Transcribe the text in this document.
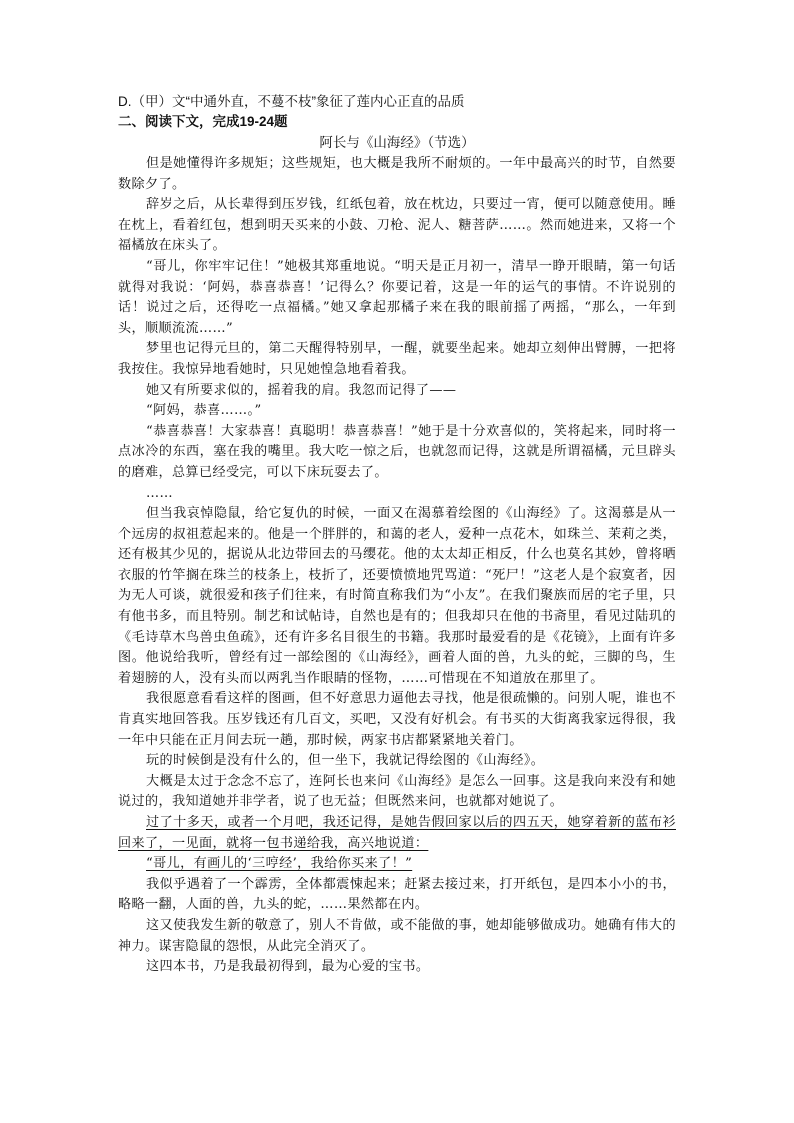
D.（甲）文“中通外直，不蔓不枝”象征了莲内心正直的品质

二、阅读下文，完成19-24题

阿长与《山海经》（节选）

但是她懂得许多规矩；这些规矩，也大概是我所不耐烦的。一年中最高兴的时节，自然要数除夕了。

辞岁之后，从长辈得到压岁钱，红纸包着，放在枕边，只要过一宵，便可以随意使用。睡在枕上，看着红包，想到明天买来的小鼓、刀枪、泥人、糖菩萨……。然而她进来，又将一个福橘放在床头了。

“哥儿，你牢牢记住！”她极其郑重地说。“明天是正月初一，清早一睁开眼睛，第一句话就得对我说：‘阿妈，恭喜恭喜！’记得么？你要记着，这是一年的运气的事情。不许说别的话！说过之后，还得吃一点福橘。”她又拿起那橘子来在我的眼前摇了两摇，“那么，一年到头，顺顺流流……”

梦里也记得元旦的，第二天醒得特别早，一醒，就要坐起来。她却立刻伸出臂膊，一把将我按住。我惊异地看她时，只见她惶急地看着我。

她又有所要求似的，摇着我的肩。我忽而记得了——

“阿妈，恭喜……。”

“恭喜恭喜！大家恭喜！真聪明！恭喜恭喜！”她于是十分欢喜似的，笑将起来，同时将一点冰冷的东西，塞在我的嘴里。我大吃一惊之后，也就忽而记得，这就是所谓福橘，元旦辟头的磨难，总算已经受完，可以下床玩耍去了。

……

但当我哀悼隐鼠，给它复仇的时候，一面又在渴慕着绘图的《山海经》了。这渴慕是从一个远房的叔祖惹起来的。他是一个胖胖的，和蔼的老人，爱种一点花木，如珠兰、茉莉之类，还有极其少见的，据说从北边带回去的马缨花。他的太太却正相反，什么也莫名其妙，曾将晒衣服的竹竿搁在珠兰的枝条上，枝折了，还要愤愤地咒骂道：“死尸！”这老人是个寂寞者，因为无人可谈，就很爱和孩子们往来，有时简直称我们为“小友”。在我们聚族而居的宅子里，只有他书多，而且特别。制艺和试帖诗，自然也是有的；但我却只在他的书斋里，看见过陆玑的《毛诗草木鸟兽虫鱼疏》，还有许多名目很生的书籍。我那时最爱看的是《花镜》，上面有许多图。他说给我听，曾经有过一部绘图的《山海经》，画着人面的兽，九头的蛇，三脚的鸟，生着翅膀的人，没有头而以两乳当作眼睛的怪物，……可惜现在不知道放在那里了。

我很愿意看看这样的图画，但不好意思力逼他去寻找，他是很疏懒的。问别人呢，谁也不肯真实地回答我。压岁钱还有几百文，买吧，又没有好机会。有书买的大街离我家远得很，我一年中只能在正月间去玩一趟，那时候，两家书店都紧紧地关着门。

玩的时候倒是没有什么的，但一坐下，我就记得绘图的《山海经》。

大概是太过于念念不忘了，连阿长也来问《山海经》是怎么一回事。这是我向来没有和她说过的，我知道她并非学者，说了也无益；但既然来问，也就都对她说了。

过了十多天，或者一个月吧，我还记得，是她告假回家以后的四五天，她穿着新的蓝布衫回来了，一见面，就将一包书递给我，高兴地说道：

“哥儿，有画儿的‘三哼经’，我给你买来了！”

我似乎遇着了一个霹雳，全体都震悚起来；赶紧去接过来，打开纸包，是四本小小的书，略略一翻，人面的兽，九头的蛇，……果然都在内。

这又使我发生新的敬意了，别人不肯做，或不能做的事，她却能够做成功。她确有伟大的神力。谋害隐鼠的怨恨，从此完全消灭了。

这四本书，乃是我最初得到，最为心爱的宝书。
